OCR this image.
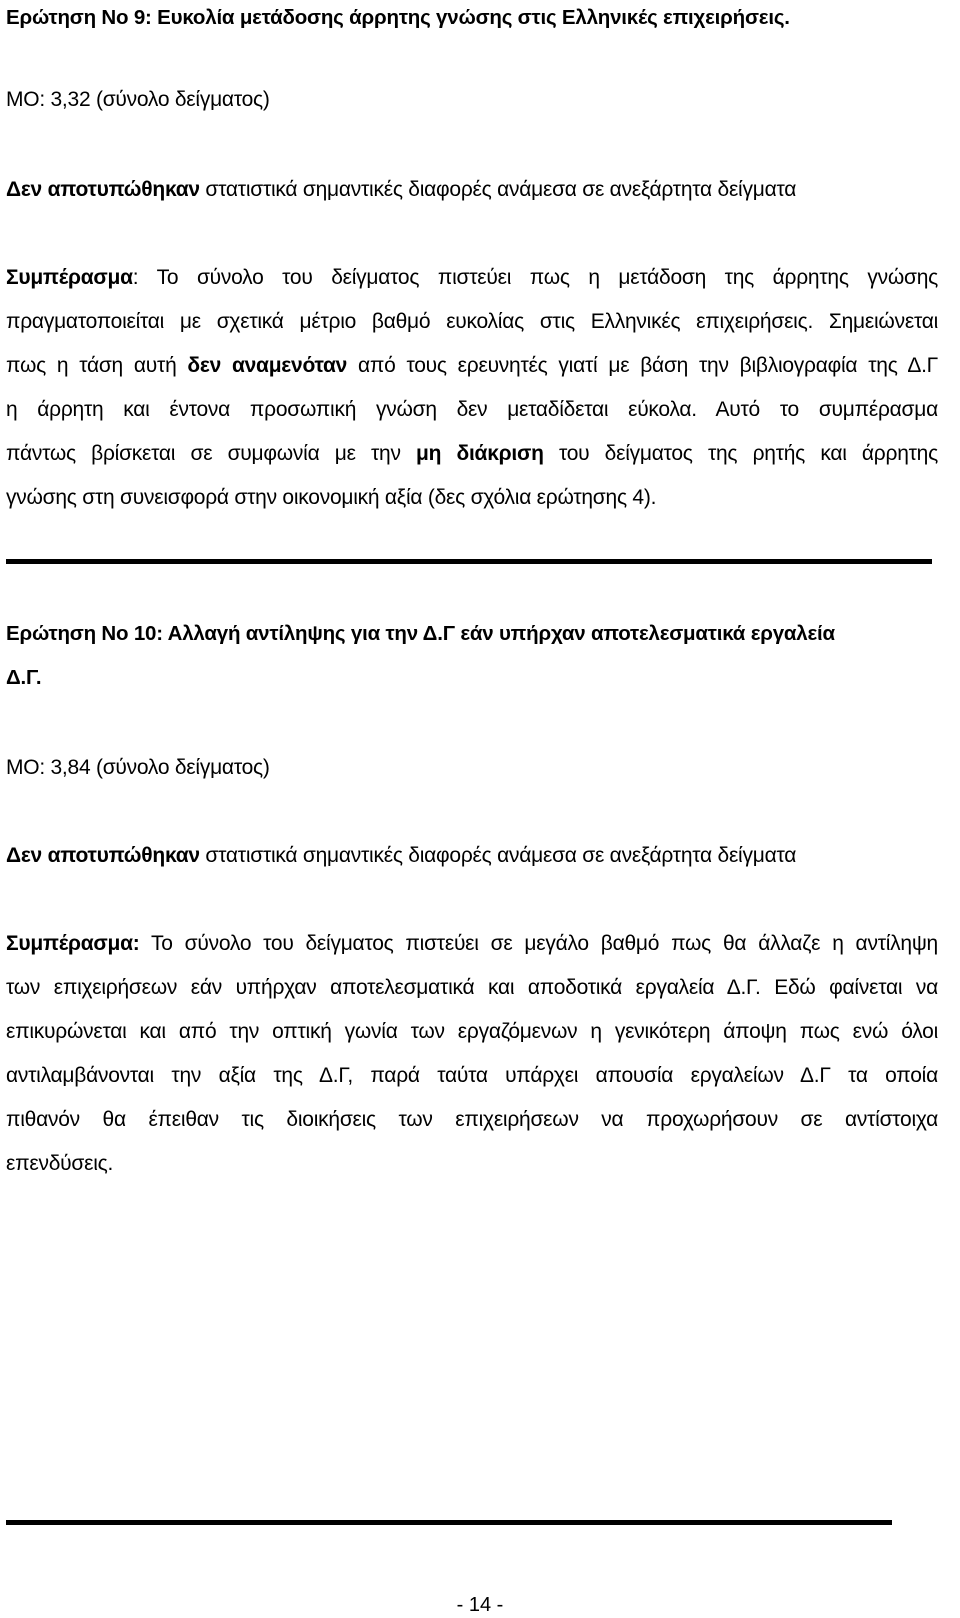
Ερώτηση Νο 9: Ευκολία μετάδοσης άρρητης γνώσης στις Ελληνικές επιχειρήσεις.
ΜΟ: 3,32 (σύνολο δείγματος)
Δεν αποτυπώθηκαν στατιστικά σημαντικές διαφορές ανάμεσα σε ανεξάρτητα δείγματα
Συμπέρασμα: Το σύνολο του δείγματος πιστεύει πως η μετάδοση της άρρητης γνώσης
πραγματοποιείται με σχετικά μέτριο βαθμό ευκολίας στις Ελληνικές επιχειρήσεις. Σημειώνεται
πως η τάση αυτή δεν αναμενόταν από τους ερευνητές γιατί με βάση την βιβλιογραφία της Δ.Γ
η άρρητη και έντονα προσωπική γνώση δεν μεταδίδεται εύκολα. Αυτό το συμπέρασμα
πάντως βρίσκεται σε συμφωνία με την μη διάκριση του δείγματος της ρητής και άρρητης
γνώσης στη συνεισφορά στην οικονομική αξία (δες σχόλια ερώτησης 4).
Ερώτηση Νο 10: Αλλαγή αντίληψης για την Δ.Γ εάν υπήρχαν αποτελεσματικά εργαλεία
Δ.Γ.
ΜΟ: 3,84 (σύνολο δείγματος)
Δεν αποτυπώθηκαν στατιστικά σημαντικές διαφορές ανάμεσα σε ανεξάρτητα δείγματα
Συμπέρασμα: Το σύνολο του δείγματος πιστεύει σε μεγάλο βαθμό πως θα άλλαζε η αντίληψη
των επιχειρήσεων εάν υπήρχαν αποτελεσματικά και αποδοτικά εργαλεία Δ.Γ. Εδώ φαίνεται να
επικυρώνεται και από την οπτική γωνία των εργαζόμενων η γενικότερη άποψη πως ενώ όλοι
αντιλαμβάνονται την αξία της Δ.Γ, παρά ταύτα υπάρχει απουσία εργαλείων Δ.Γ τα οποία
πιθανόν θα έπειθαν τις διοικήσεις των επιχειρήσεων να προχωρήσουν σε αντίστοιχα
επενδύσεις.
- 14 -
